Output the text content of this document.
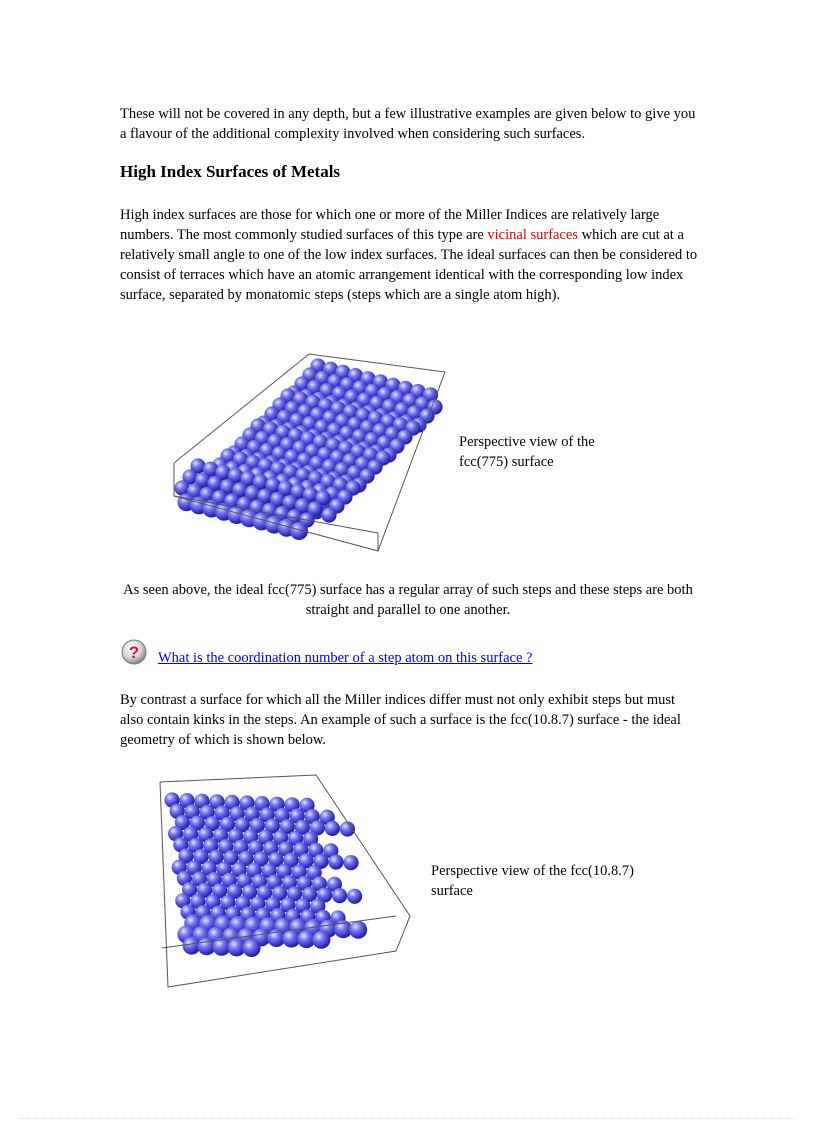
These will not be covered in any depth, but a few illustrative examples are given below to give you a flavour of the additional complexity involved when considering such surfaces.

High Index Surfaces of Metals

High index surfaces are those for which one or more of the Miller Indices are relatively large numbers. The most commonly studied surfaces of this type are vicinal surfaces which are cut at a relatively small angle to one of the low index surfaces. The ideal surfaces can then be considered to consist of terraces which have an atomic arrangement identical with the corresponding low index surface, separated by monatomic steps (steps which are a single atom high).

Perspective view of the fcc(775) surface

As seen above, the ideal fcc(775) surface has a regular array of such steps and these steps are both straight and parallel to one another.

? What is the coordination number of a step atom on this surface ?

By contrast a surface for which all the Miller indices differ must not only exhibit steps but must also contain kinks in the steps. An example of such a surface is the fcc(10.8.7) surface - the ideal geometry of which is shown below.

Perspective view of the fcc(10.8.7) surface
